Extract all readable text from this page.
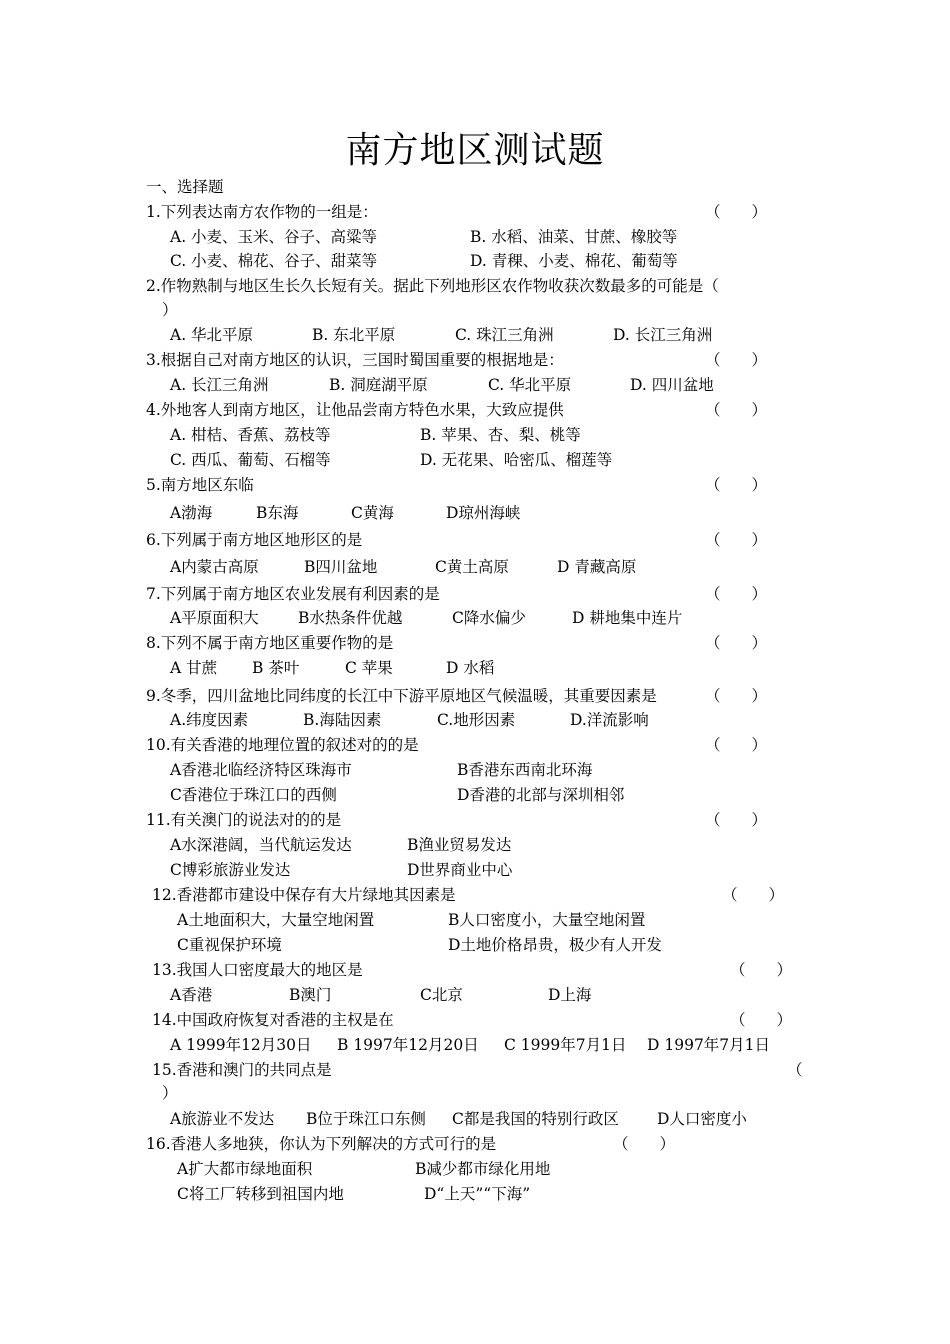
南方地区测试题
一、选择题
1.下列表达南方农作物的一组是：	（　　）
A. 小麦、玉米、谷子、高粱等	B. 水稻、油菜、甘蔗、橡胶等
C. 小麦、棉花、谷子、甜菜等	D. 青稞、小麦、棉花、葡萄等
2.作物熟制与地区生长久长短有关。据此下列地形区农作物收获次数最多的可能是（
）
A. 华北平原	B. 东北平原	C. 珠江三角洲	D. 长江三角洲
3.根据自己对南方地区的认识，三国时蜀国重要的根据地是：	（　　）
A. 长江三角洲	B. 洞庭湖平原	C. 华北平原	D. 四川盆地
4.外地客人到南方地区，让他品尝南方特色水果，大致应提供	（　　）
A. 柑桔、香蕉、荔枝等	B. 苹果、杏、梨、桃等
C. 西瓜、葡萄、石榴等	D. 无花果、哈密瓜、榴莲等
5.南方地区东临	（　　）
A渤海	B东海	C黄海	D琼州海峡
6.下列属于南方地区地形区的是	（　　）
A内蒙古高原	B四川盆地	C黄土高原	D 青藏高原
7.下列属于南方地区农业发展有利因素的是	（　　）
A平原面积大	B水热条件优越	C降水偏少	D 耕地集中连片
8.下列不属于南方地区重要作物的是	（　　）
A 甘蔗 B 茶叶	C 苹果	D 水稻
9.冬季，四川盆地比同纬度的长江中下游平原地区气候温暖，其重要因素是	（　　）
A.纬度因素	B.海陆因素	C.地形因素	D.洋流影响
10.有关香港的地理位置的叙述对的的是	（　　）
A香港北临经济特区珠海市	B香港东西南北环海
C香港位于珠江口的西侧	D香港的北部与深圳相邻
11.有关澳门的说法对的的是	（　　）
A水深港阔，当代航运发达	B渔业贸易发达
C博彩旅游业发达	D世界商业中心
12.香港都市建设中保存有大片绿地其因素是	（　　）
A土地面积大，大量空地闲置	B人口密度小，大量空地闲置
C重视保护环境	D土地价格昂贵，极少有人开发
13.我国人口密度最大的地区是	（　　）
A香港	B澳门	C北京	D上海
14.中国政府恢复对香港的主权是在	（　　）
A 1999年12月30日 B 1997年12月20日 C 1999年7月1日 D 1997年7月1日
15.香港和澳门的共同点是	（
）
A旅游业不发达 B位于珠江口东侧 C都是我国的特别行政区 D人口密度小
16.香港人多地狭，你认为下列解决的方式可行的是	（　　）
A扩大都市绿地面积	B减少都市绿化用地
C将工厂转移到祖国内地	D“上天”“下海”
